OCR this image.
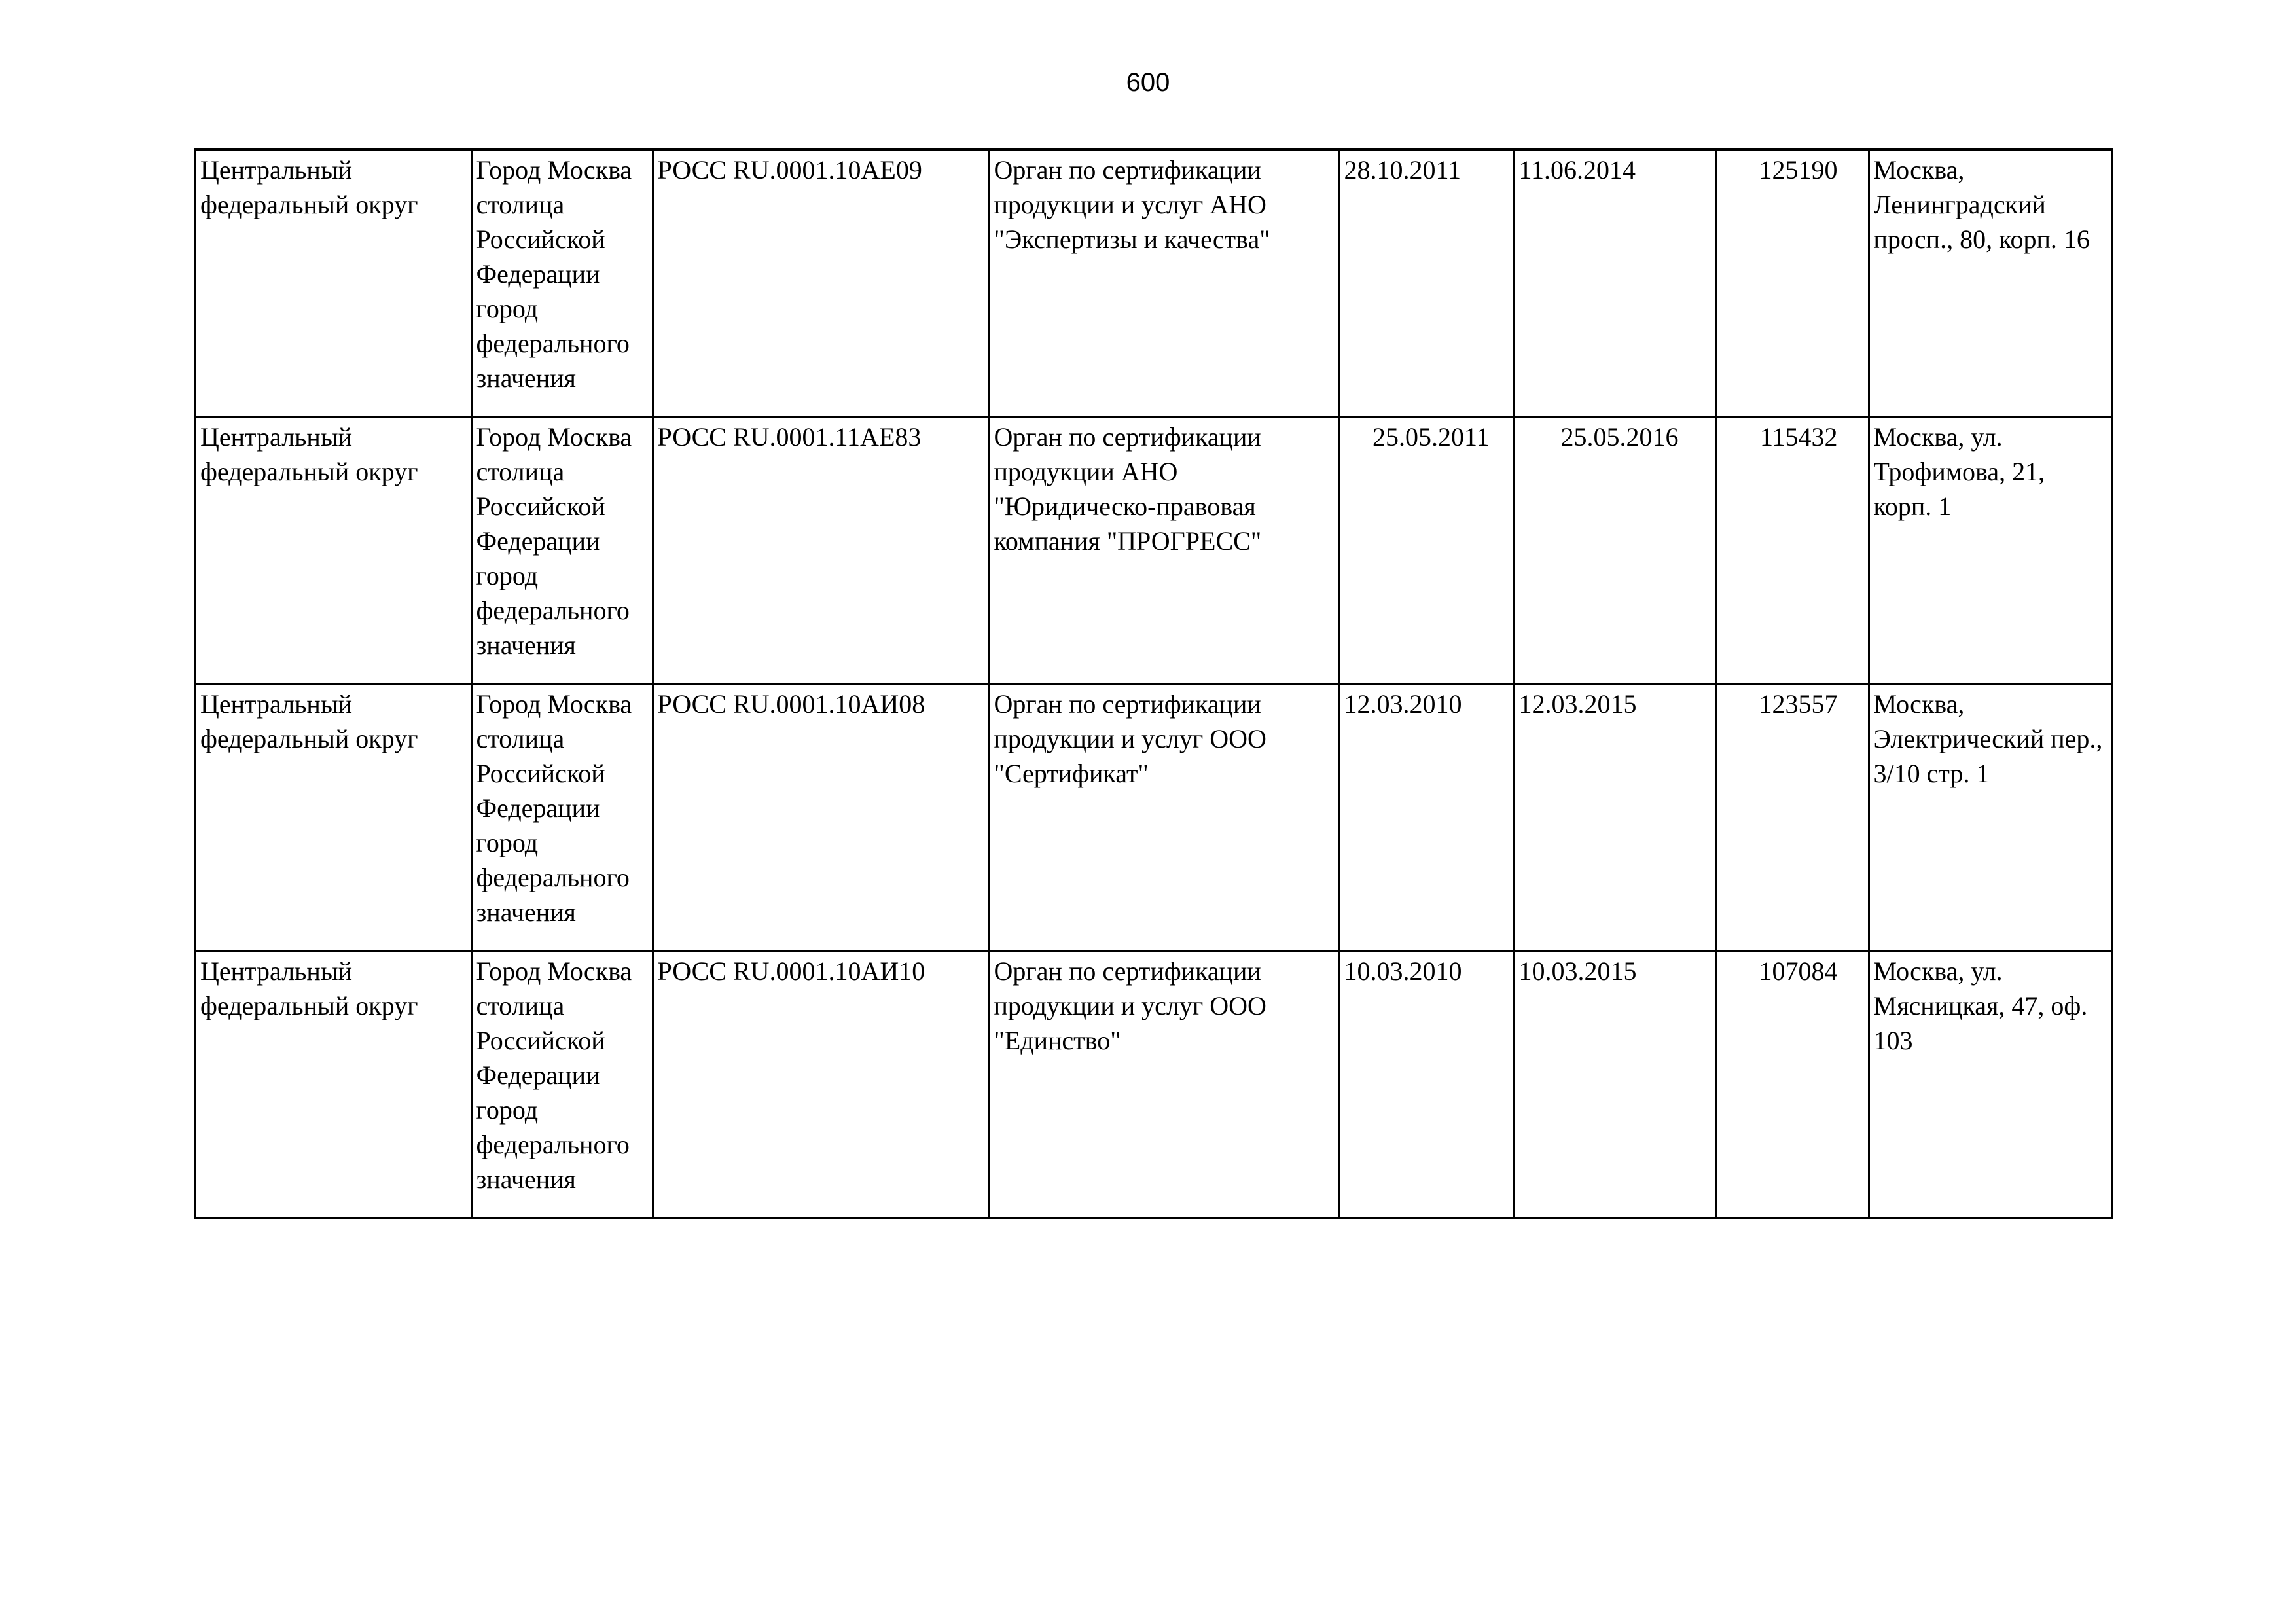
600
Центральный федеральный округ	Город Москва столица Российской Федерации город федерального значения	РОСС RU.0001.10АЕ09	Орган по сертификации продукции и услуг АНО "Экспертизы и качества"	28.10.2011	11.06.2014	125190	Москва, Ленинградский просп., 80, корп. 16

Центральный федеральный округ	Город Москва столица Российской Федерации город федерального значения	РОСС RU.0001.11АЕ83	Орган по сертификации продукции АНО "Юридическо-правовая компания "ПРОГРЕСС"	25.05.2011	25.05.2016	115432	Москва, ул. Трофимова, 21, корп. 1

Центральный федеральный округ	Город Москва столица Российской Федерации город федерального значения	РОСС RU.0001.10АИ08	Орган по сертификации продукции и услуг ООО "Сертификат"	12.03.2010	12.03.2015	123557	Москва, Электрический пер., 3/10 стр. 1

Центральный федеральный округ	Город Москва столица Российской Федерации город федерального значения	РОСС RU.0001.10АИ10	Орган по сертификации продукции и услуг ООО "Единство"	10.03.2010	10.03.2015	107084	Москва, ул. Мясницкая, 47, оф. 103
